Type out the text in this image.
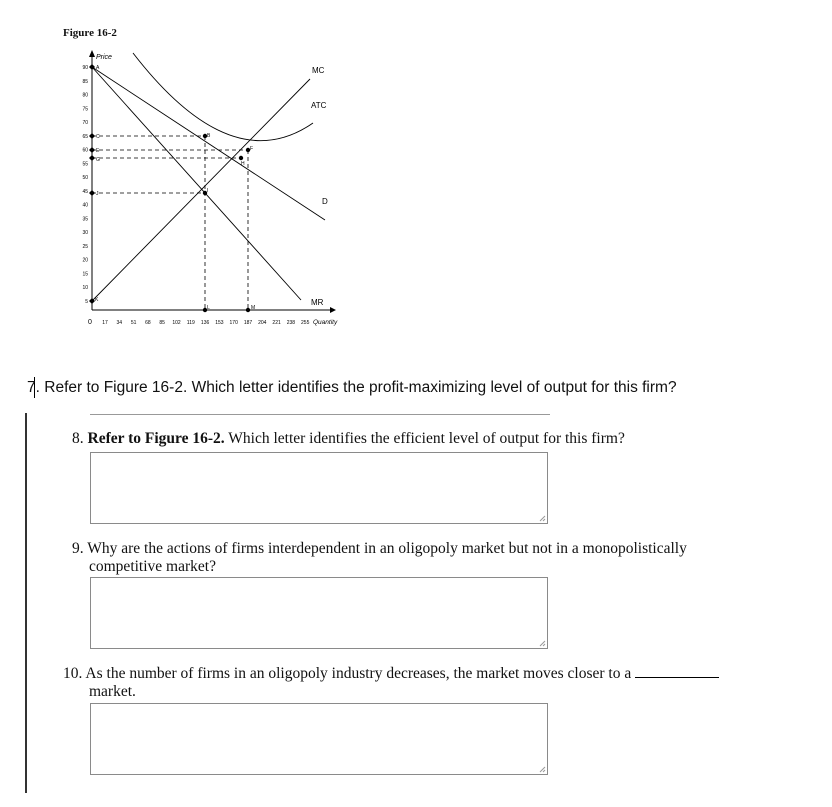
Figure 16-2
Price
Quantity
90
85
80
75
70
65
60
55
50
45
40
35
30
25
20
15
10
5
0 17 34 51 68 85 102 119 136 153 170 187 204 221 238 255
MC
ATC
D
MR
A
B
C
E	F
G
H
I
J
K
L	M
7. Refer to Figure 16-2. Which letter identifies the profit-maximizing level of output for this firm?
8. Refer to Figure 16-2. Which letter identifies the efficient level of output for this firm?
9. Why are the actions of firms interdependent in an oligopoly market but not in a monopolistically
competitive market?
10. As the number of firms in an oligopoly industry decreases, the market moves closer to a
market.
